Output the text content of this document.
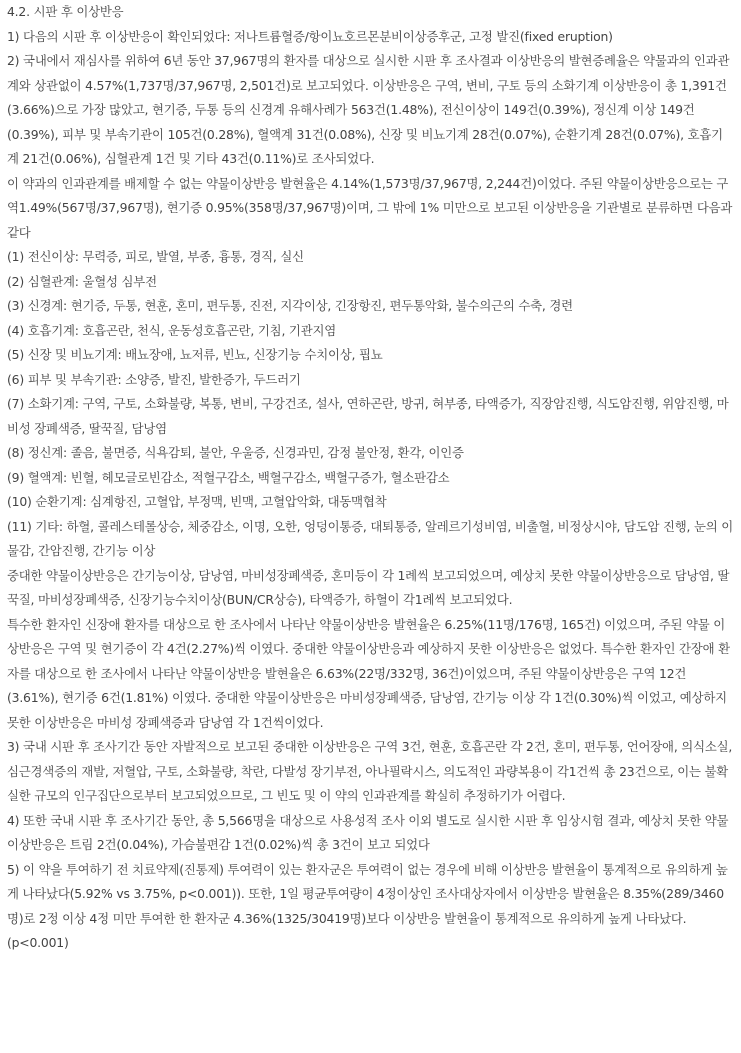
4.2. 시판 후 이상반응

1) 다음의 시판 후 이상반응이 확인되었다: 저나트륨혈증/항이뇨호르몬분비이상증후군, 고정 발진(fixed eruption)

2) 국내에서 재심사를 위하여 6년 동안 37,967명의 환자를 대상으로 실시한 시판 후 조사결과 이상반응의 발현증례율은 약물과의 인과관계와 상관없이 4.57%(1,737명/37,967명, 2,501건)로 보고되었다. 이상반응은 구역, 변비, 구토 등의 소화기계 이상반응이 총 1,391건(3.66%)으로 가장 많았고, 현기증, 두통 등의 신경계 유해사례가 563건(1.48%), 전신이상이 149건(0.39%), 정신계 이상 149건(0.39%), 피부 및 부속기관이 105건(0.28%), 혈액계 31건(0.08%), 신장 및 비뇨기계 28건(0.07%), 순환기계 28건(0.07%), 호흡기계 21건(0.06%), 심혈관계 1건 및 기타 43건(0.11%)로 조사되었다.

이 약과의 인과관계를 배제할 수 없는 약물이상반응 발현율은 4.14%(1,573명/37,967명, 2,244건)이었다. 주된 약물이상반응으로는 구역1.49%(567명/37,967명), 현기증 0.95%(358명/37,967명)이며, 그 밖에 1% 미만으로 보고된 이상반응을 기관별로 분류하면 다음과 같다

(1) 전신이상: 무력증, 피로, 발열, 부종, 흉통, 경직, 실신

(2) 심혈관계: 울혈성 심부전

(3) 신경계: 현기증, 두통, 현훈, 혼미, 편두통, 진전, 지각이상, 긴장항진, 편두통악화, 불수의근의 수축, 경련

(4) 호흡기계: 호흡곤란, 천식, 운동성호흡곤란, 기침, 기관지염

(5) 신장 및 비뇨기계: 배뇨장애, 뇨저류, 빈뇨, 신장기능 수치이상, 핍뇨

(6) 피부 및 부속기관: 소양증, 발진, 발한증가, 두드러기

(7) 소화기계: 구역, 구토, 소화불량, 복통, 변비, 구강건조, 설사, 연하곤란, 방귀, 혀부종, 타액증가, 직장암진행, 식도암진행, 위암진행, 마비성 장폐색증, 딸꾹질, 담낭염

(8) 정신계: 졸음, 불면증, 식욕감퇴, 불안, 우울증, 신경과민, 감정 불안정, 환각, 이인증

(9) 혈액계: 빈혈, 헤모글로빈감소, 적혈구감소, 백혈구감소, 백혈구증가, 혈소판감소

(10) 순환기계: 심계항진, 고혈압, 부정맥, 빈맥, 고혈압악화, 대동맥협착

(11) 기타: 하혈, 콜레스테롤상승, 체중감소, 이명, 오한, 엉덩이통증, 대퇴통증, 알레르기성비염, 비출혈, 비정상시야, 담도암 진행, 눈의 이물감, 간암진행, 간기능 이상

중대한 약물이상반응은 간기능이상, 담낭염, 마비성장폐색증, 혼미등이 각 1례씩 보고되었으며, 예상치 못한 약물이상반응으로 담낭염, 딸꾹질, 마비성장폐색증, 신장기능수치이상(BUN/CR상승), 타액증가, 하혈이 각1례씩 보고되었다.

특수한 환자인 신장애 환자를 대상으로 한 조사에서 나타난 약물이상반응 발현율은 6.25%(11명/176명, 165건) 이었으며, 주된 약물 이상반응은 구역 및 현기증이 각 4건(2.27%)씩 이였다. 중대한 약물이상반응과 예상하지 못한 이상반응은 없었다. 특수한 환자인 간장애 환자를 대상으로 한 조사에서 나타난 약물이상반응 발현율은 6.63%(22명/332명, 36건)이었으며, 주된 약물이상반응은 구역 12건(3.61%), 현기증 6건(1.81%) 이였다. 중대한 약물이상반응은 마비성장폐색증, 담낭염, 간기능 이상 각 1건(0.30%)씩 이었고, 예상하지 못한 이상반응은 마비성 장폐색증과 담낭염 각 1건씩이었다.

3) 국내 시판 후 조사기간 동안 자발적으로 보고된 중대한 이상반응은 구역 3건, 현훈, 호흡곤란 각 2건, 혼미, 편두통, 언어장애, 의식소실, 심근경색증의 재발, 저혈압, 구토, 소화불량, 착란, 다발성 장기부전, 아나필락시스, 의도적인 과량복용이 각1건씩 총 23건으로, 이는 불확실한 규모의 인구집단으로부터 보고되었으므로, 그 빈도 및 이 약의 인과관계를 확실히 추정하기가 어렵다.

4) 또한 국내 시판 후 조사기간 동안, 총 5,566명을 대상으로 사용성적 조사 이외 별도로 실시한 시판 후 임상시험 결과, 예상치 못한 약물이상반응은 트림 2건(0.04%), 가슴불편감 1건(0.02%)씩 총 3건이 보고 되었다

5) 이 약을 투여하기 전 치료약제(진통제) 투여력이 있는 환자군은 투여력이 없는 경우에 비해 이상반응 발현율이 통계적으로 유의하게 높게 나타났다(5.92% vs 3.75%, p<0.001)). 또한, 1일 평균투여량이 4정이상인 조사대상자에서 이상반응 발현율은 8.35%(289/3460명)로 2정 이상 4정 미만 투여한 한 환자군 4.36%(1325/30419명)보다 이상반응 발현율이 통계적으로 유의하게 높게 나타났다.(p<0.001)
